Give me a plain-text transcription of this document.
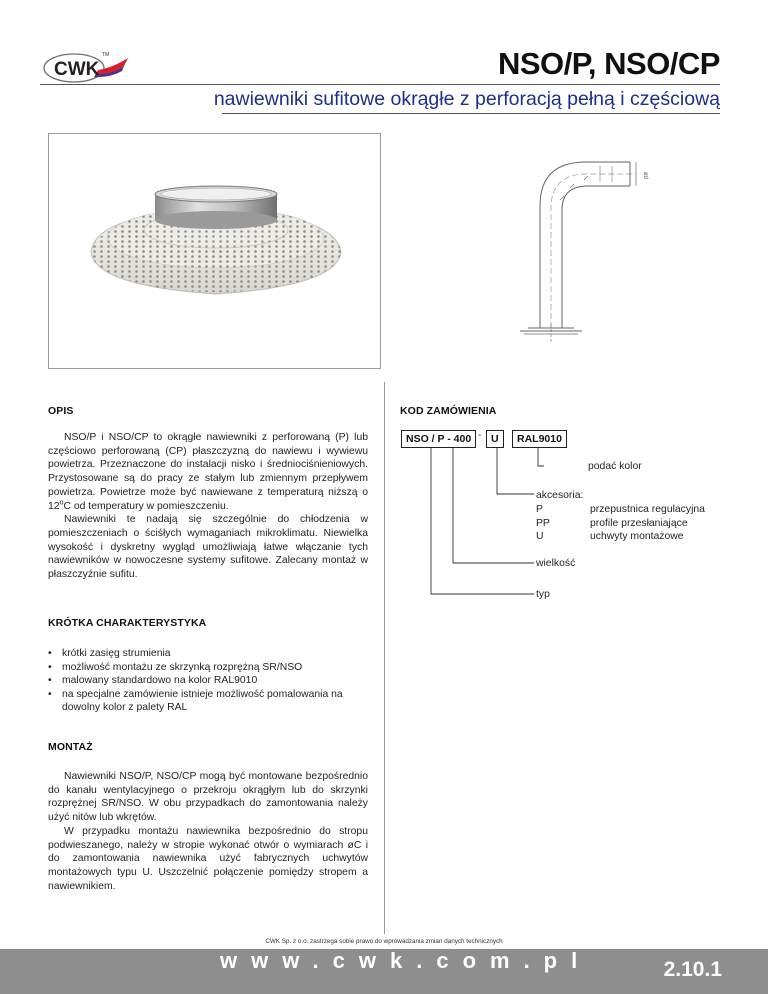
CWK
TM	NSO/P, NSO/CP
nawiewniki sufitowe okrągłe z perforacją pełną i częściową
ød
OPIS

NSO/P i NSO/CP to okrągłe nawiewniki z perforowaną (P) lub częściowo perforowaną (CP) płaszczyzną do nawiewu i wywiewu powietrza. Przeznaczone do instalacji nisko i średniociśnieniowych. Przystosowane są do pracy ze stałym lub zmiennym przepływem powietrza. Powietrze może być nawiewane z temperaturą niższą o 12$^o$C od temperatury w pomieszczeniu.

Nawiewniki te nadają się szczególnie do chłodzenia w pomieszczeniach o ściśłych wymaganiach mikroklimatu. Niewielka wysokość i dyskretny wygląd umożliwiają łatwe włączanie tych nawiewników w nowoczesne systemy sufitowe. Zalecany montaż w płaszczyźnie sufitu.

KRÓTKA CHARAKTERYSTYKA
• krótki zasięg strumienia
• możliwość montażu ze skrzynką rozprężną SR/NSO
• malowany standardowo na kolor RAL9010
• na specjalne zamówienie istnieje możliwość pomalowania na dowolny kolor z palety RAL
MONTAŻ

Nawiewniki NSO/P, NSO/CP mogą być montowane bezpośrednio do kanału wentylacyjnego o przekroju okrągłym lub do skrzynki rozprężnej SR/NSO. W obu przypadkach do zamontowania należy użyć nitów lub wkrętów.

W przypadku montażu nawiewnika bezpośrednio do stropu podwieszanego, należy w stropie wykonać otwór o wymiarach øC i do zamontowania nawiewnika użyć fabrycznych uchwytów montażowych typu U. Uszczelnić połączenie pomiędzy stropem a nawiewnikiem.

KOD ZAMÓWIENIA
NSO / P - 400 - U	RAL9010
podać kolor
akcesoria:
P	przepustnica regulacyjna
PP	profile przesłaniające
U	uchwyty montażowe
wielkość
typ
CWK Sp. z o.o. zastrzega sobie prawo do wprowadzania zmian danych technicznych
www.cwk.com.pl	2.10.1
